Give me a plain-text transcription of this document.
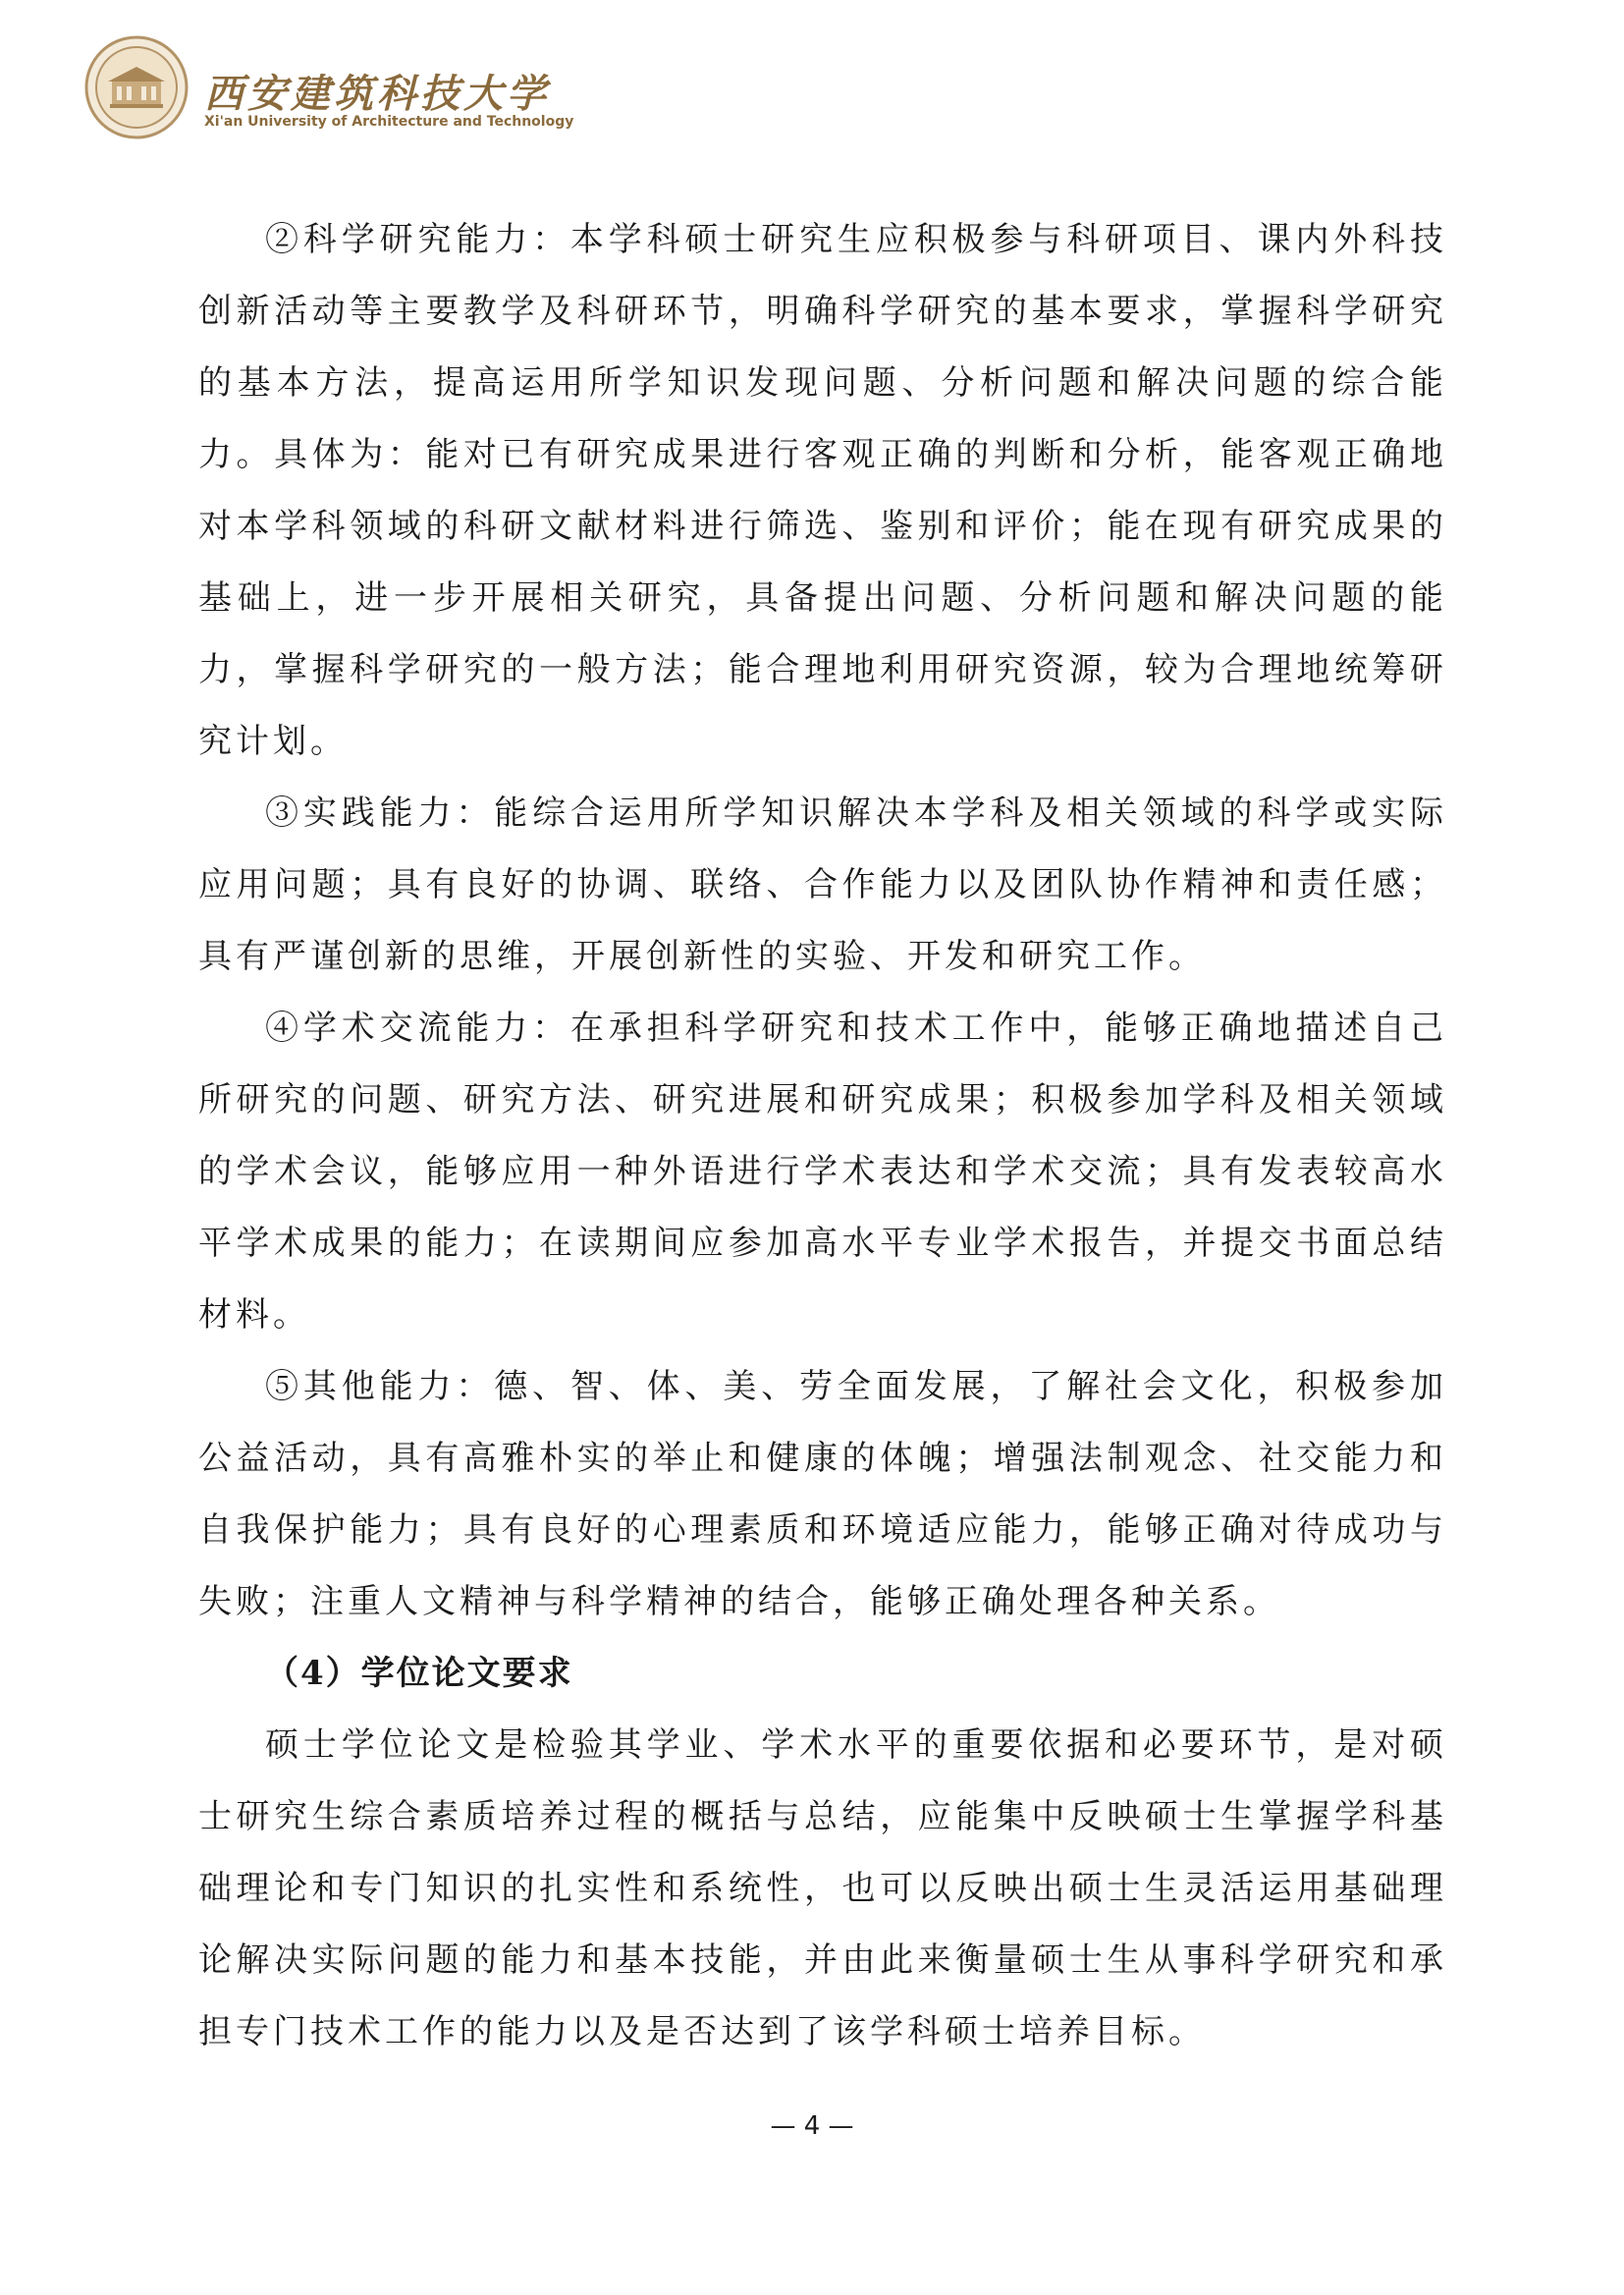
西安建筑科技大学
Xi'an University of Architecture and Technology

②科学研究能力：本学科硕士研究生应积极参与科研项目、课内外科技创新活动等主要教学及科研环节，明确科学研究的基本要求，掌握科学研究的基本方法，提高运用所学知识发现问题、分析问题和解决问题的综合能力。具体为：能对已有研究成果进行客观正确的判断和分析，能客观正确地对本学科领域的科研文献材料进行筛选、鉴别和评价；能在现有研究成果的基础上，进一步开展相关研究，具备提出问题、分析问题和解决问题的能力，掌握科学研究的一般方法；能合理地利用研究资源，较为合理地统筹研究计划。

③实践能力：能综合运用所学知识解决本学科及相关领域的科学或实际应用问题；具有良好的协调、联络、合作能力以及团队协作精神和责任感；具有严谨创新的思维，开展创新性的实验、开发和研究工作。

④学术交流能力：在承担科学研究和技术工作中，能够正确地描述自己所研究的问题、研究方法、研究进展和研究成果；积极参加学科及相关领域的学术会议，能够应用一种外语进行学术表达和学术交流；具有发表较高水平学术成果的能力；在读期间应参加高水平专业学术报告，并提交书面总结材料。

⑤其他能力：德、智、体、美、劳全面发展，了解社会文化，积极参加公益活动，具有高雅朴实的举止和健康的体魄；增强法制观念、社交能力和自我保护能力；具有良好的心理素质和环境适应能力，能够正确对待成功与失败；注重人文精神与科学精神的结合，能够正确处理各种关系。

（4）学位论文要求

硕士学位论文是检验其学业、学术水平的重要依据和必要环节，是对硕士研究生综合素质培养过程的概括与总结，应能集中反映硕士生掌握学科基础理论和专门知识的扎实性和系统性，也可以反映出硕士生灵活运用基础理论解决实际问题的能力和基本技能，并由此来衡量硕士生从事科学研究和承担专门技术工作的能力以及是否达到了该学科硕士培养目标。

— 4 —
